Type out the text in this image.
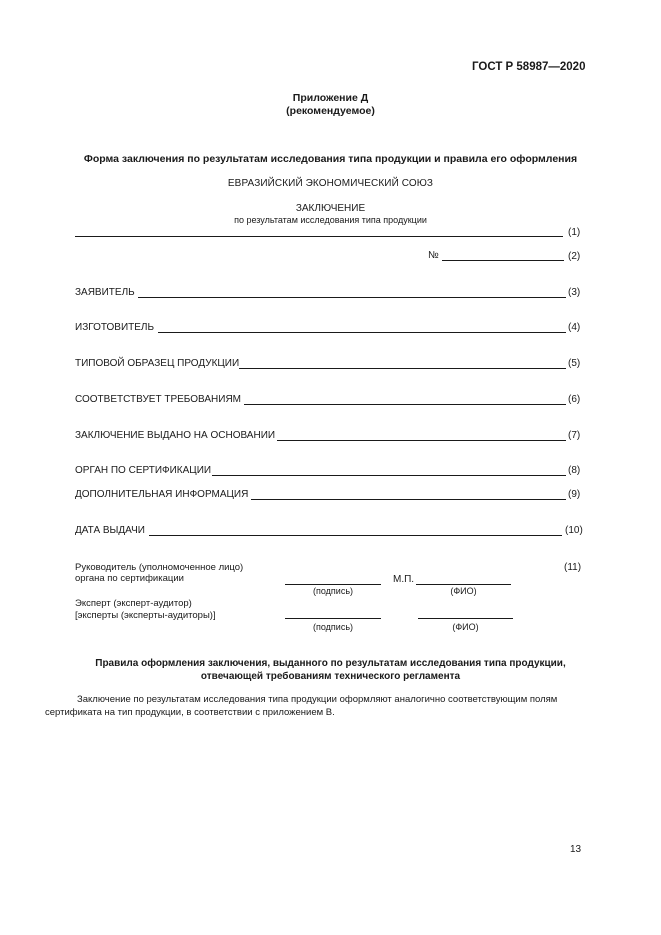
ГОСТ Р 58987—2020
Приложение Д
(рекомендуемое)
Форма заключения по результатам исследования типа продукции и правила его оформления
ЕВРАЗИЙСКИЙ ЭКОНОМИЧЕСКИЙ СОЮЗ
ЗАКЛЮЧЕНИЕ
по результатам исследования типа продукции
(1)
№	(2)
ЗАЯВИТЕЛЬ	(3)
ИЗГОТОВИТЕЛЬ	(4)
ТИПОВОЙ ОБРАЗЕЦ ПРОДУКЦИИ	(5)
СООТВЕТСТВУЕТ ТРЕБОВАНИЯМ	(6)
ЗАКЛЮЧЕНИЕ ВЫДАНО НА ОСНОВАНИИ	(7)
ОРГАН ПО СЕРТИФИКАЦИИ	(8)
ДОПОЛНИТЕЛЬНАЯ ИНФОРМАЦИЯ	(9)
ДАТА ВЫДАЧИ	(10)
Руководитель (уполномоченное лицо)
органа по сертификации
(11)
М.П.
(подпись)	(ФИО)
Эксперт (эксперт-аудитор)
[эксперты (эксперты-аудиторы)]
(подпись)	(ФИО)
Правила оформления заключения, выданного по результатам исследования типа продукции,
отвечающей требованиям технического регламента
Заключение по результатам исследования типа продукции оформляют аналогично соответствующим полям сертификата на тип продукции, в соответствии с приложением В.
13
